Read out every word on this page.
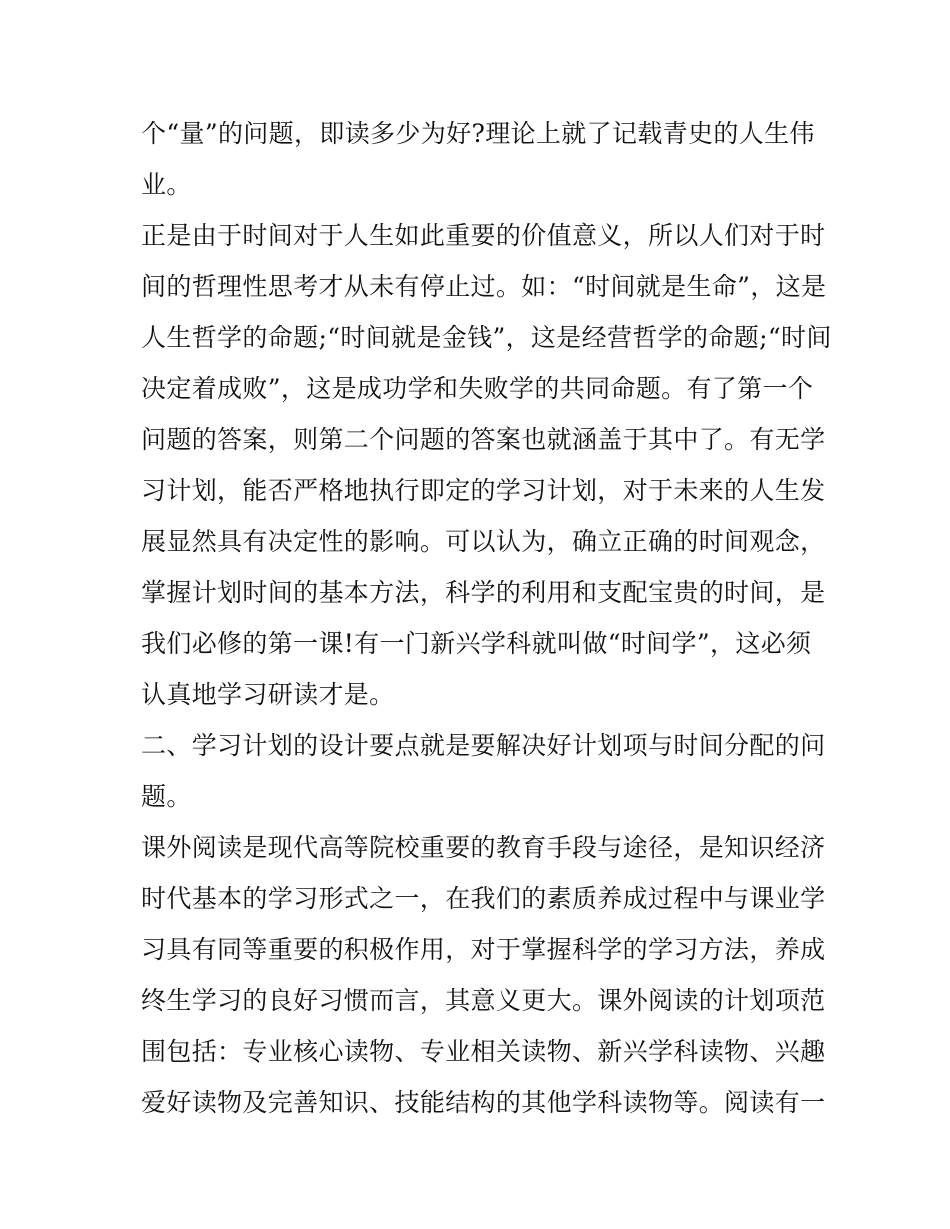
个“量”的问题，即读多少为好?理论上就了记载青史的人生伟
业。
正是由于时间对于人生如此重要的价值意义，所以人们对于时
间的哲理性思考才从未有停止过。如：“时间就是生命”，这是
人生哲学的命题;“时间就是金钱”，这是经营哲学的命题;“时间
决定着成败”，这是成功学和失败学的共同命题。有了第一个
问题的答案，则第二个问题的答案也就涵盖于其中了。有无学
习计划，能否严格地执行即定的学习计划，对于未来的人生发
展显然具有决定性的影响。可以认为，确立正确的时间观念，
掌握计划时间的基本方法，科学的利用和支配宝贵的时间，是
我们必修的第一课!有一门新兴学科就叫做“时间学”，这必须
认真地学习研读才是。
二、学习计划的设计要点就是要解决好计划项与时间分配的问
题。
课外阅读是现代高等院校重要的教育手段与途径，是知识经济
时代基本的学习形式之一，在我们的素质养成过程中与课业学
习具有同等重要的积极作用，对于掌握科学的学习方法，养成
终生学习的良好习惯而言，其意义更大。课外阅读的计划项范
围包括：专业核心读物、专业相关读物、新兴学科读物、兴趣
爱好读物及完善知识、技能结构的其他学科读物等。阅读有一
